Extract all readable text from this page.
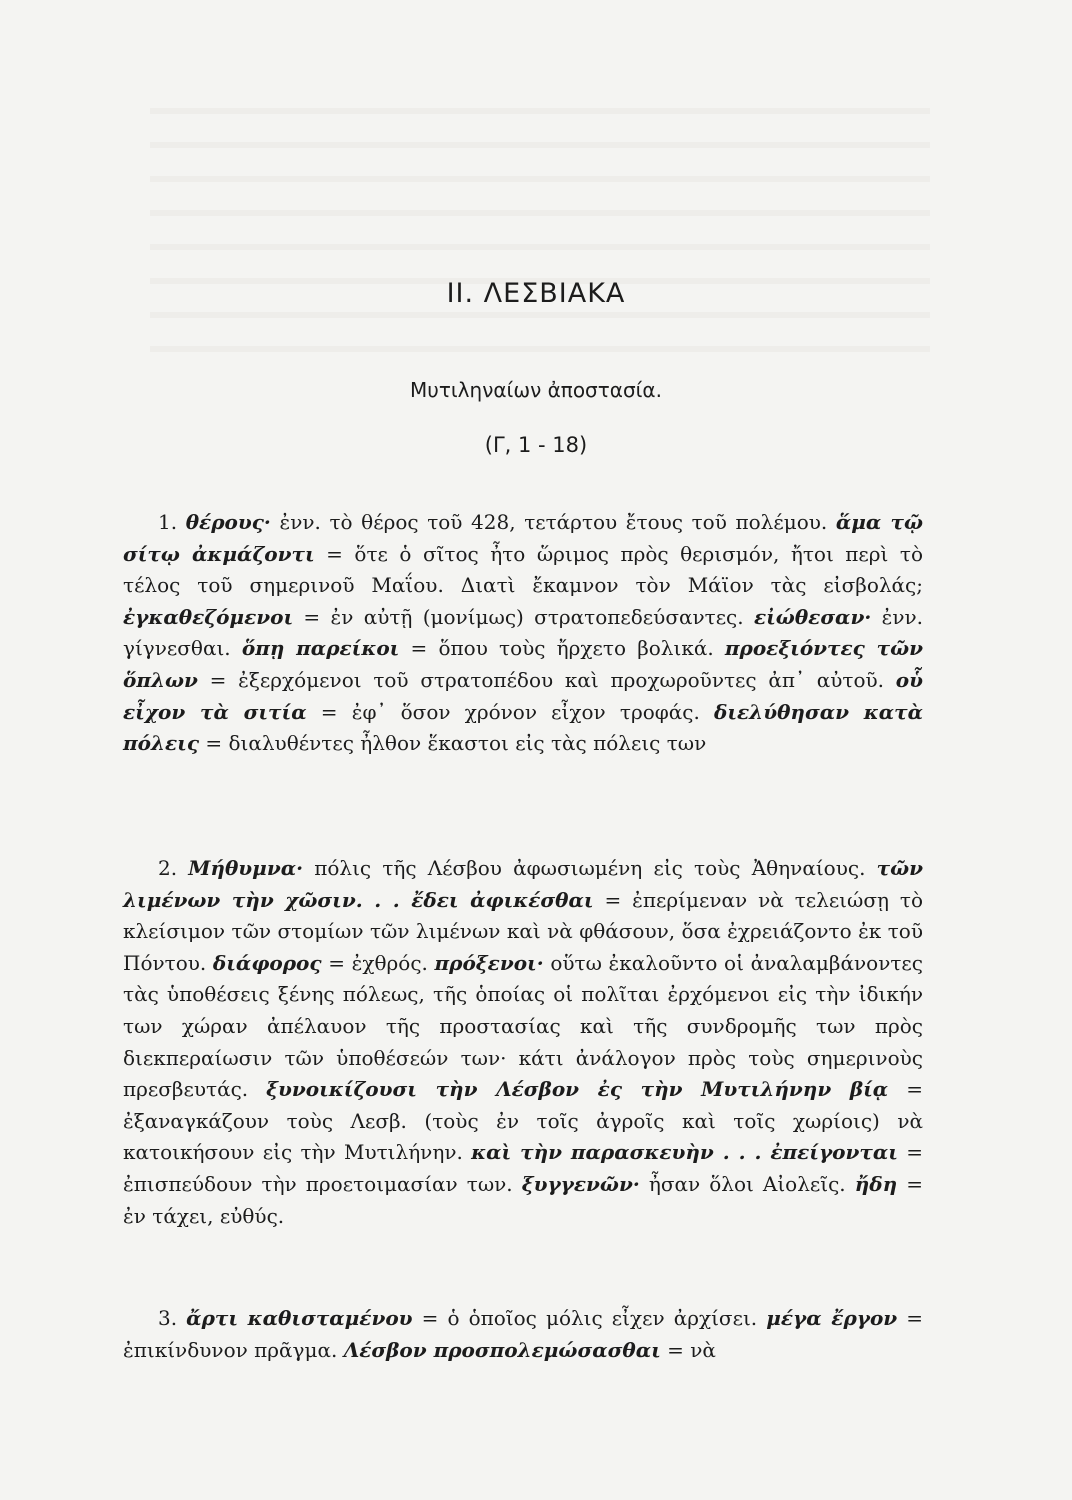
II. ΛΕΣΒΙΑΚΑ
Μυτιληναίων ἀποστασία.
(Γ, 1 - 18)

1. θέρους· ἐνν. τὸ θέρος τοῦ 428, τετάρτου ἔτους τοῦ πολέμου. ἅμα τῷ σίτῳ ἀκμάζοντι = ὅτε ὁ σῖτος ἦτο ὥριμος πρὸς θερισμόν, ἤτοι περὶ τὸ τέλος τοῦ σημερινοῦ Μαΐου. Διατὶ ἔκαμνον τὸν Μάϊον τὰς εἰσβολάς; ἐγκαθεζόμενοι = ἐν αὐτῇ (μονίμως) στρατοπεδεύσαντες. εἰώθεσαν· ἐνν. γίγνεσθαι. ὅπῃ παρείκοι = ὅπου τοὺς ἤρχετο βολικά. προεξιόντες τῶν ὅπλων = ἐξερχόμενοι τοῦ στρατοπέδου καὶ προχωροῦντες ἀπ᾽ αὐτοῦ. οὗ εἶχον τὰ σιτία = ἐφ᾽ ὅσον χρόνον εἶχον τροφάς. διελύθησαν κατὰ πόλεις = διαλυθέντες ἦλθον ἕκαστοι εἰς τὰς πόλεις των

2. Μήθυμνα· πόλις τῆς Λέσβου ἀφωσιωμένη εἰς τοὺς Ἀθηναίους. τῶν λιμένων τὴν χῶσιν. . . ἔδει ἀφικέσθαι = ἐπερίμεναν νὰ τελειώσῃ τὸ κλείσιμον τῶν στομίων τῶν λιμένων καὶ νὰ φθάσουν, ὅσα ἐχρειάζοντο ἐκ τοῦ Πόντου. διάφορος = ἐχθρός. πρόξενοι· οὕτω ἐκαλοῦντο οἱ ἀναλαμβάνοντες τὰς ὑποθέσεις ξένης πόλεως, τῆς ὁποίας οἱ πολῖται ἐρχόμενοι εἰς τὴν ἰδικήν των χώραν ἀπέλαυον τῆς προστασίας καὶ τῆς συνδρομῆς των πρὸς διεκπεραίωσιν τῶν ὑποθέσεών των· κάτι ἀνάλογον πρὸς τοὺς σημερινοὺς πρεσβευτάς. ξυνοικίζουσι τὴν Λέσβον ἐς τὴν Μυτιλήνην βίᾳ = ἐξαναγκάζουν τοὺς Λεσβ. (τοὺς ἐν τοῖς ἀγροῖς καὶ τοῖς χωρίοις) νὰ κατοικήσουν εἰς τὴν Μυτιλήνην. καὶ τὴν παρασκευὴν . . . ἐπείγονται = ἐπισπεύδουν τὴν προετοιμασίαν των. ξυγγενῶν· ἦσαν ὅλοι Αἰολεῖς. ἤδη = ἐν τάχει, εὐθύς.

3. ἄρτι καθισταμένου = ὁ ὁποῖος μόλις εἶχεν ἀρχίσει. μέγα ἔργον = ἐπικίνδυνον πρᾶγμα. Λέσβον προσπολεμώσασθαι = νὰ
